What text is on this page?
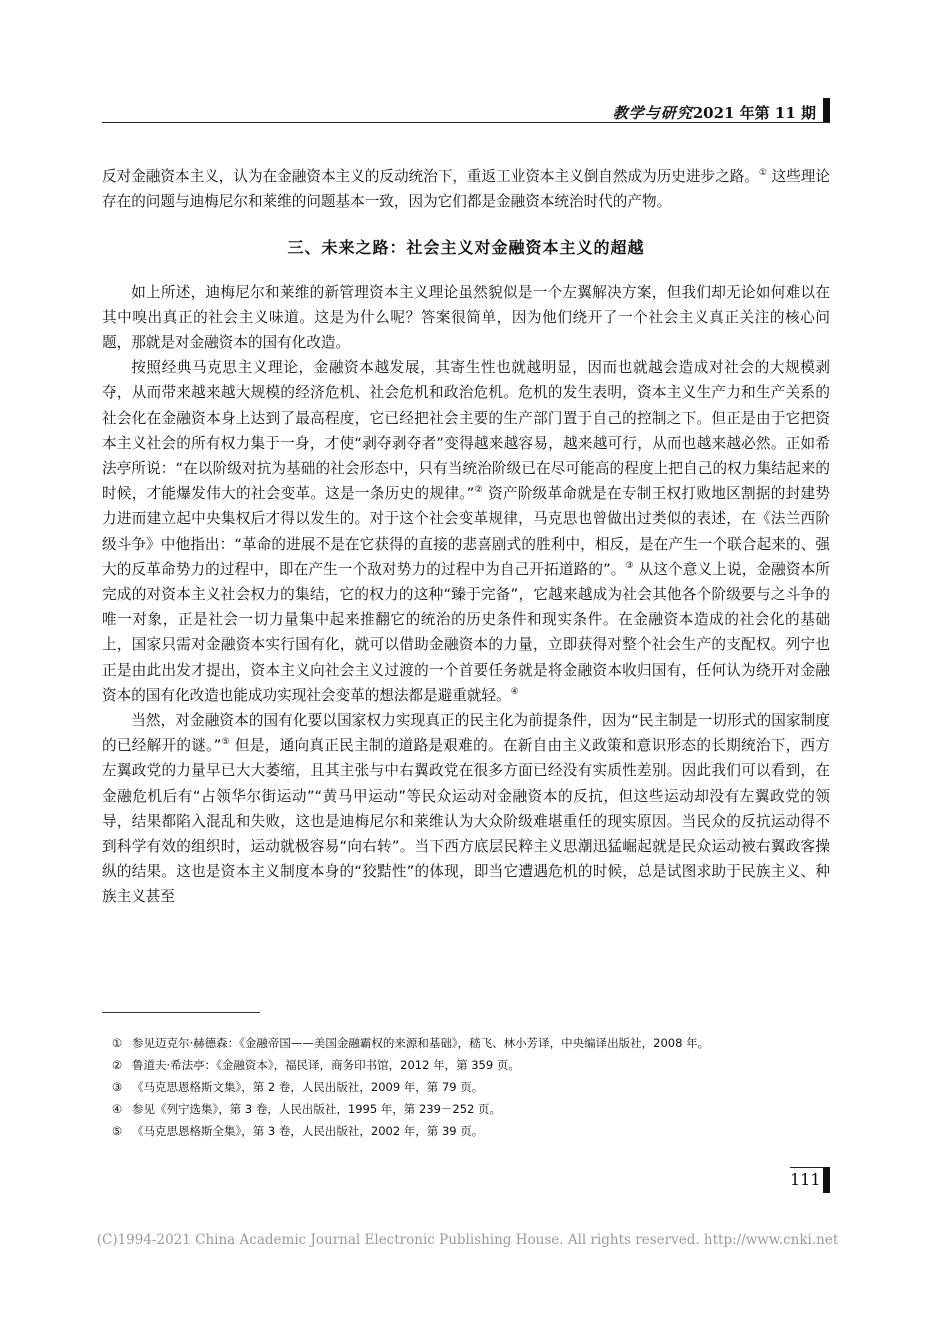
教学与研究2021 年第 11 期

反对金融资本主义，认为在金融资本主义的反动统治下，重返工业资本主义倒自然成为历史进步之路。① 这些理论存在的问题与迪梅尼尔和莱维的问题基本一致，因为它们都是金融资本统治时代的产物。

三、未来之路：社会主义对金融资本主义的超越

如上所述，迪梅尼尔和莱维的新管理资本主义理论虽然貌似是一个左翼解决方案，但我们却无论如何难以在其中嗅出真正的社会主义味道。这是为什么呢？答案很简单，因为他们绕开了一个社会主义真正关注的核心问题，那就是对金融资本的国有化改造。

按照经典马克思主义理论，金融资本越发展，其寄生性也就越明显，因而也就越会造成对社会的大规模剥夺，从而带来越来越大规模的经济危机、社会危机和政治危机。危机的发生表明，资本主义生产力和生产关系的社会化在金融资本身上达到了最高程度，它已经把社会主要的生产部门置于自己的控制之下。但正是由于它把资本主义社会的所有权力集于一身，才使“剥夺剥夺者”变得越来越容易，越来越可行，从而也越来越必然。正如希法亭所说：“在以阶级对抗为基础的社会形态中，只有当统治阶级已在尽可能高的程度上把自己的权力集结起来的时候，才能爆发伟大的社会变革。这是一条历史的规律。”② 资产阶级革命就是在专制王权打败地区割据的封建势力进而建立起中央集权后才得以发生的。对于这个社会变革规律，马克思也曾做出过类似的表述，在《法兰西阶级斗争》中他指出：“革命的进展不是在它获得的直接的悲喜剧式的胜利中，相反，是在产生一个联合起来的、强大的反革命势力的过程中，即在产生一个敌对势力的过程中为自己开拓道路的”。③ 从这个意义上说，金融资本所完成的对资本主义社会权力的集结，它的权力的这种“臻于完备”，它越来越成为社会其他各个阶级要与之斗争的唯一对象，正是社会一切力量集中起来推翻它的统治的历史条件和现实条件。在金融资本造成的社会化的基础上，国家只需对金融资本实行国有化，就可以借助金融资本的力量，立即获得对整个社会生产的支配权。列宁也正是由此出发才提出，资本主义向社会主义过渡的一个首要任务就是将金融资本收归国有，任何认为绕开对金融资本的国有化改造也能成功实现社会变革的想法都是避重就轻。④

当然，对金融资本的国有化要以国家权力实现真正的民主化为前提条件，因为“民主制是一切形式的国家制度的已经解开的谜。”⑤ 但是，通向真正民主制的道路是艰难的。在新自由主义政策和意识形态的长期统治下，西方左翼政党的力量早已大大萎缩，且其主张与中右翼政党在很多方面已经没有实质性差别。因此我们可以看到，在金融危机后有“占领华尔街运动”“黄马甲运动”等民众运动对金融资本的反抗，但这些运动却没有左翼政党的领导，结果都陷入混乱和失败，这也是迪梅尼尔和莱维认为大众阶级难堪重任的现实原因。当民众的反抗运动得不到科学有效的组织时，运动就极容易“向右转”。当下西方底层民粹主义思潮迅猛崛起就是民众运动被右翼政客操纵的结果。这也是资本主义制度本身的“狡黠性”的体现，即当它遭遇危机的时候，总是试图求助于民族主义、种族主义甚至

① 参见迈克尔·赫德森：《金融帝国——美国金融霸权的来源和基础》，嵇飞、林小芳译，中央编译出版社，2008 年。

② 鲁道夫·希法亭：《金融资本》，福民译，商务印书馆，2012 年，第 359 页。

③ 《马克思恩格斯文集》，第 2 卷，人民出版社，2009 年，第 79 页。

④ 参见《列宁选集》，第 3 卷，人民出版社，1995 年，第 239－252 页。

⑤ 《马克思恩格斯全集》，第 3 卷，人民出版社，2002 年，第 39 页。

111
(C)1994-2021 China Academic Journal Electronic Publishing House. All rights reserved. http://www.cnki.net
